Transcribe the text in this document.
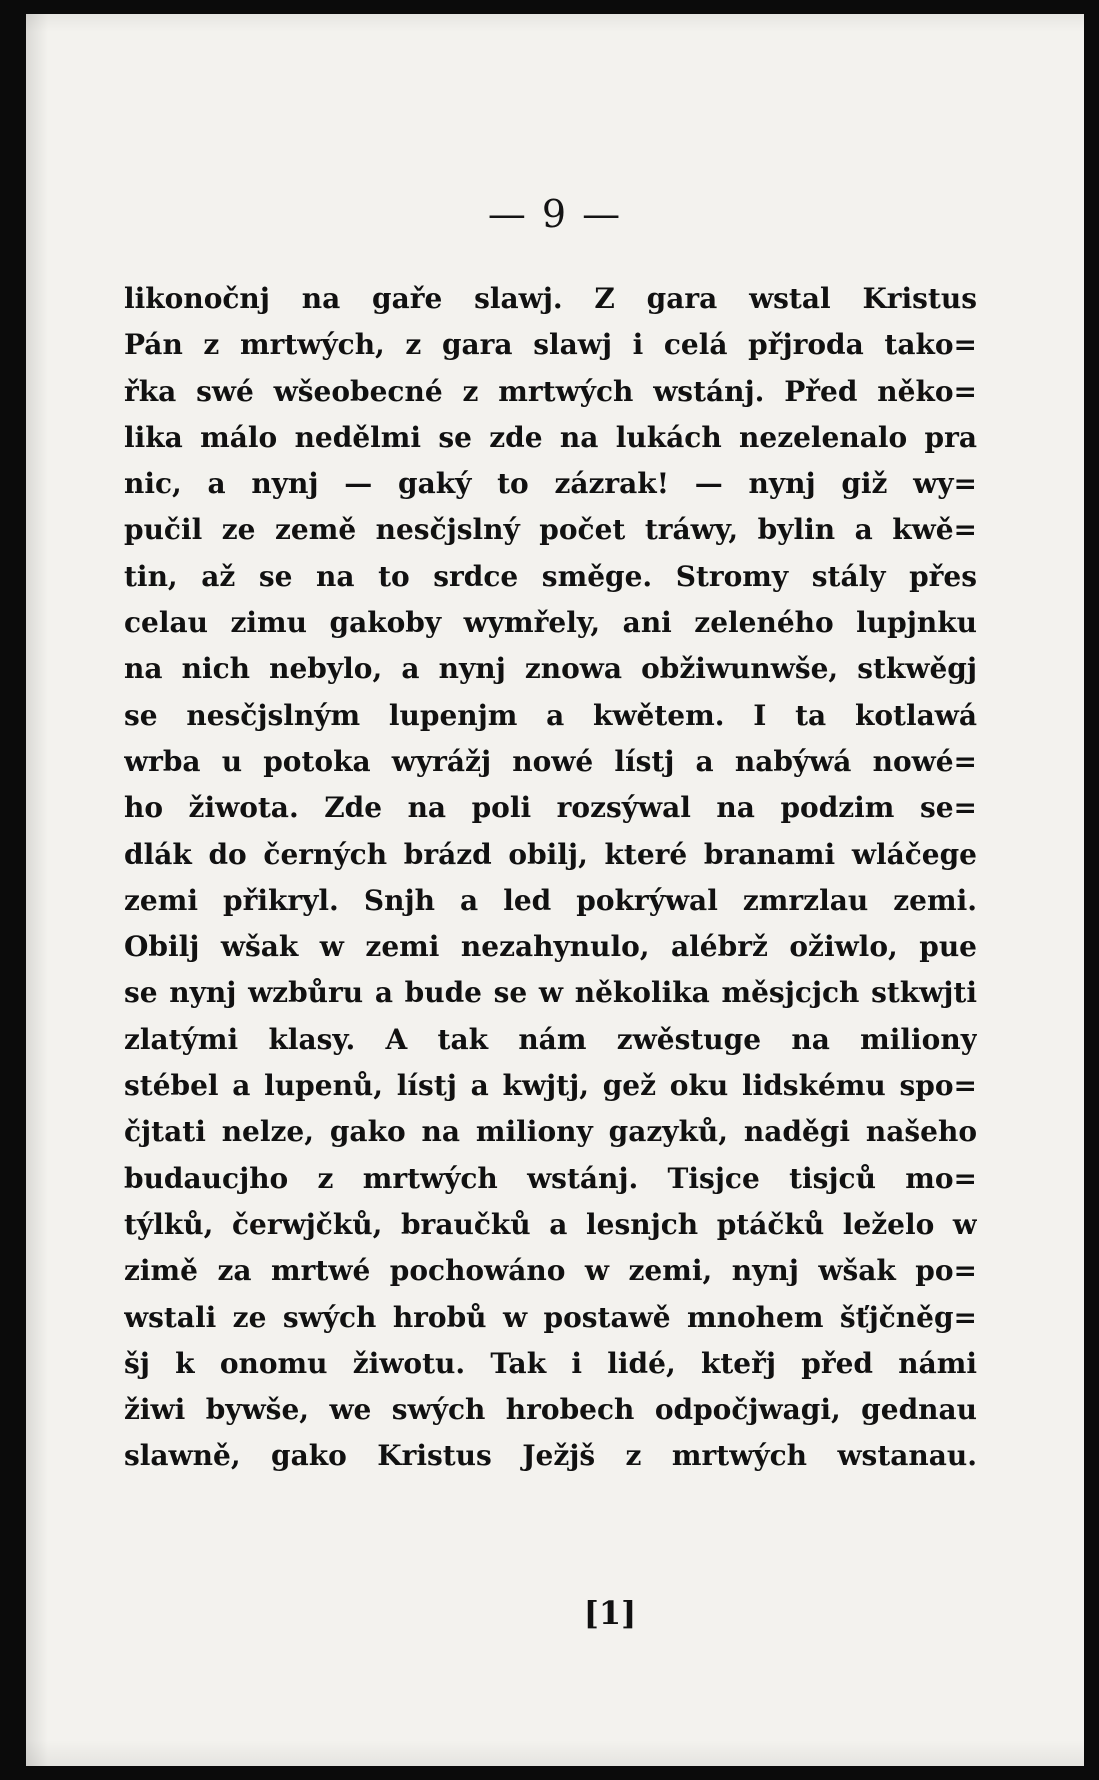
— 9 —
likonočnj na gaře slawj. Z gara wstal Kristus
Pán z mrtwých, z gara slawj i celá přjroda tako=
řka swé wšeobecné z mrtwých wstánj. Před něko=
lika málo nedělmi se zde na lukách nezelenalo pra
nic, a nynj — gaký to zázrak! — nynj giž wy=
pučil ze země nesčjslný počet tráwy, bylin a kwě=
tin, až se na to srdce směge. Stromy stály přes
celau zimu gakoby wymřely, ani zeleného lupjnku
na nich nebylo, a nynj znowa obžiwunwše, stkwěgj
se nesčjslným lupenjm a kwětem. I ta kotlawá
wrba u potoka wyrážj nowé lístj a nabýwá nowé=
ho žiwota. Zde na poli rozsýwal na podzim se=
dlák do černých brázd obilj, které branami wláčege
zemi přikryl. Snjh a led pokrýwal zmrzlau zemi.
Obilj wšak w zemi nezahynulo, alébrž ožiwlo, pue
se nynj wzbůru a bude se w několika měsjcjch stkwjti
zlatými klasy. A tak nám zwěstuge na miliony
stébel a lupenů, lístj a kwjtj, gež oku lidskému spo=
čjtati nelze, gako na miliony gazyků, naděgi našeho
budaucjho z mrtwých wstánj. Tisjce tisjců mo=
týlků, čerwjčků, braučků a lesnjch ptáčků leželo w
zimě za mrtwé pochowáno w zemi, nynj wšak po=
wstali ze swých hrobů w postawě mnohem šťjčněg=
šj k onomu žiwotu. Tak i lidé, kteřj před námi
žiwi bywše, we swých hrobech odpočjwagi, gednau
slawně, gako Kristus Ježjš z mrtwých wstanau.
[1]
